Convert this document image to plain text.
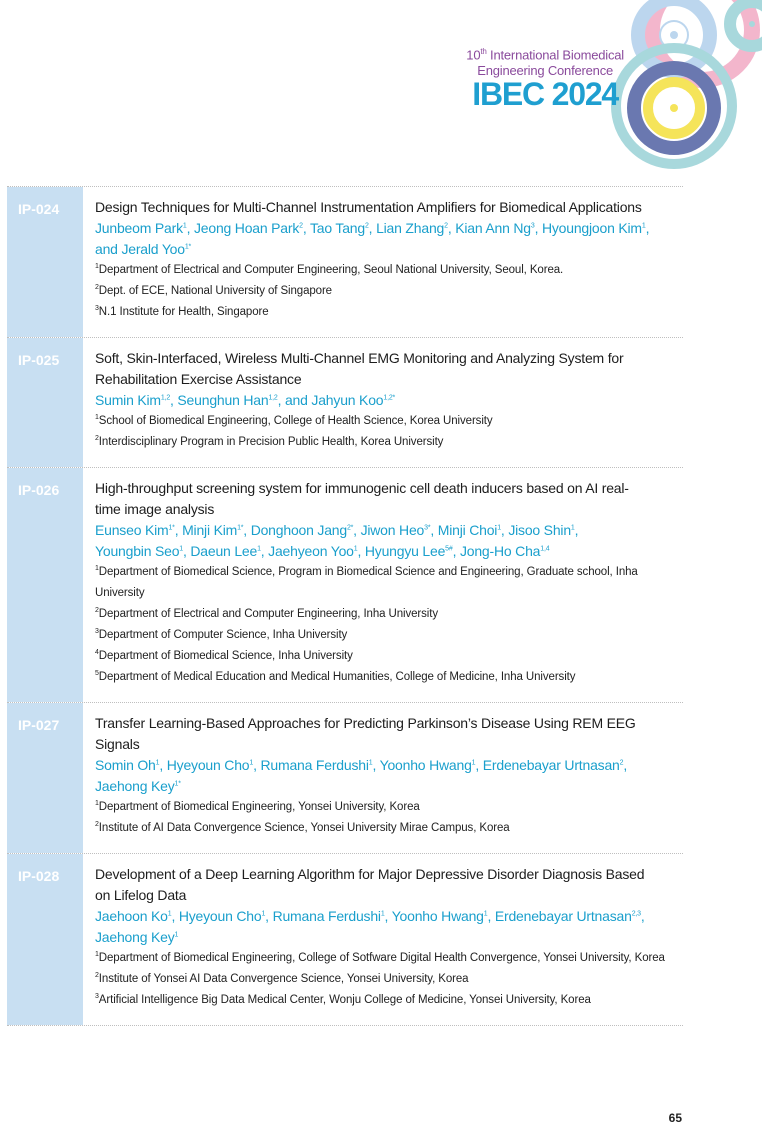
10th International Biomedical
Engineering Conference
IBEC 2024
IP-024	Design Techniques for Multi-Channel Instrumentation Amplifiers for Biomedical Applications
Junbeom Park$^1$, Jeong Hoan Park$^2$, Tao Tang$^2$, Lian Zhang$^2$, Kian Ann Ng$^3$, Hyoungjoon Kim$^1$,
and Jerald Yoo$^{1*}$
$^1$Department of Electrical and Computer Engineering, Seoul National University, Seoul, Korea.
$^2$Dept. of ECE, National University of Singapore
$^3$N.1 Institute for Health, Singapore
IP-025	Soft, Skin-Interfaced, Wireless Multi-Channel EMG Monitoring and Analyzing System for
Rehabilitation Exercise Assistance
Sumin Kim$^{1,2}$, Seunghun Han$^{1,2}$, and Jahyun Koo$^{1,2*}$
$^1$School of Biomedical Engineering, College of Health Science, Korea University
$^2$Interdisciplinary Program in Precision Public Health, Korea University
IP-026	High-throughput screening system for immunogenic cell death inducers based on AI real-
time image analysis
Eunseo Kim$^{1*}$, Minji Kim$^{1*}$, Donghoon Jang$^{2*}$, Jiwon Heo$^{3*}$, Minji Choi$^1$, Jisoo Shin$^1$,
Youngbin Seo$^1$, Daeun Lee$^1$, Jaehyeon Yoo$^1$, Hyungyu Lee$^{5\#}$, Jong-Ho Cha$^{1,4}$
$^1$Department of Biomedical Science, Program in Biomedical Science and Engineering, Graduate school, Inha
University
$^2$Department of Electrical and Computer Engineering, Inha University
$^3$Department of Computer Science, Inha University
$^4$Department of Biomedical Science, Inha University
$^5$Department of Medical Education and Medical Humanities, College of Medicine, Inha University
IP-027	Transfer Learning-Based Approaches for Predicting Parkinson’s Disease Using REM EEG
Signals
Somin Oh$^1$, Hyeyoun Cho$^1$, Rumana Ferdushi$^1$, Yoonho Hwang$^1$, Erdenebayar Urtnasan$^2$,
Jaehong Key$^{1*}$
$^1$Department of Biomedical Engineering, Yonsei University, Korea
$^2$Institute of AI Data Convergence Science, Yonsei University Mirae Campus, Korea
IP-028	Development of a Deep Learning Algorithm for Major Depressive Disorder Diagnosis Based
on Lifelog Data
Jaehoon Ko$^1$, Hyeyoun Cho$^1$, Rumana Ferdushi$^1$, Yoonho Hwang$^1$, Erdenebayar Urtnasan$^{2,3}$,
Jaehong Key$^1$
$^1$Department of Biomedical Engineering, College of Sotfware Digital Health Convergence, Yonsei University, Korea
$^2$Institute of Yonsei AI Data Convergence Science, Yonsei University, Korea
$^3$Artificial Intelligence Big Data Medical Center, Wonju College of Medicine, Yonsei University, Korea
65
